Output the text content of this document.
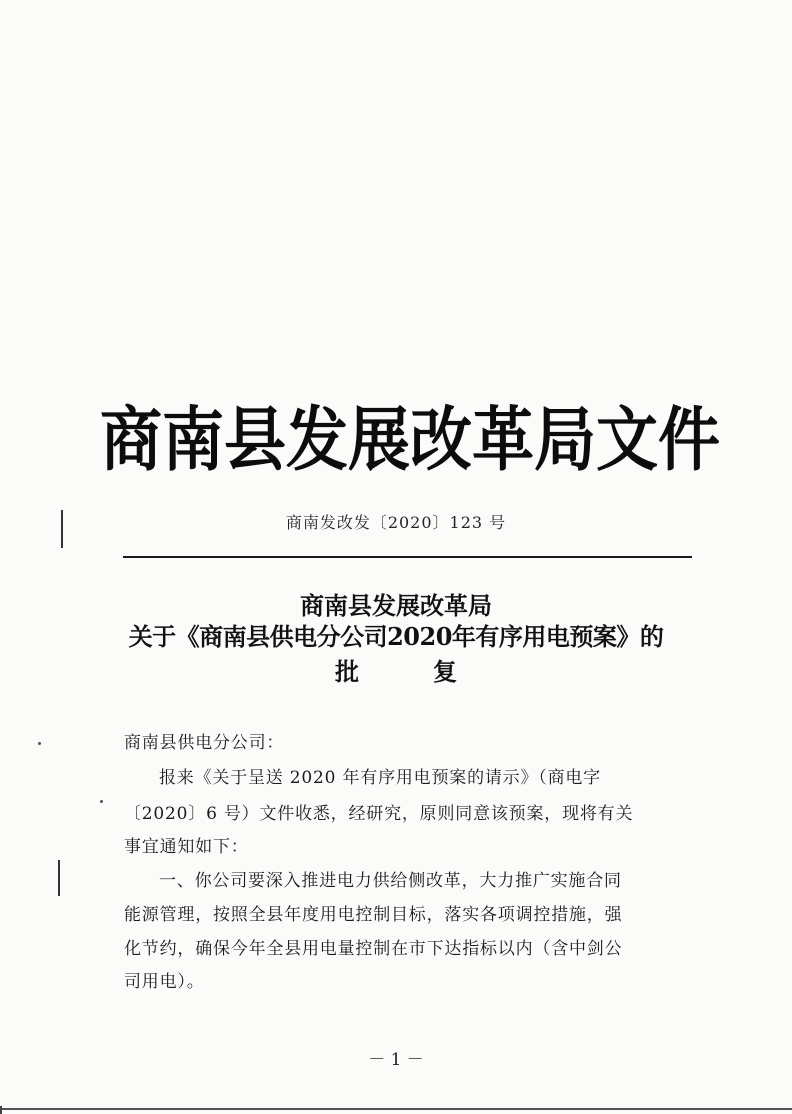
商南县发展改革局文件
商南发改发〔2020〕123 号
商南县发展改革局
关于《商南县供电分公司2020年有序用电预案》的
批	复
商南县供电分公司：
报来《关于呈送 2020 年有序用电预案的请示》（商电字
〔2020〕6 号）文件收悉，经研究，原则同意该预案，现将有关
事宜通知如下：
一、你公司要深入推进电力供给侧改革，大力推广实施合同
能源管理，按照全县年度用电控制目标，落实各项调控措施，强
化节约，确保今年全县用电量控制在市下达指标以内（含中剑公
司用电）。
－ 1 －
